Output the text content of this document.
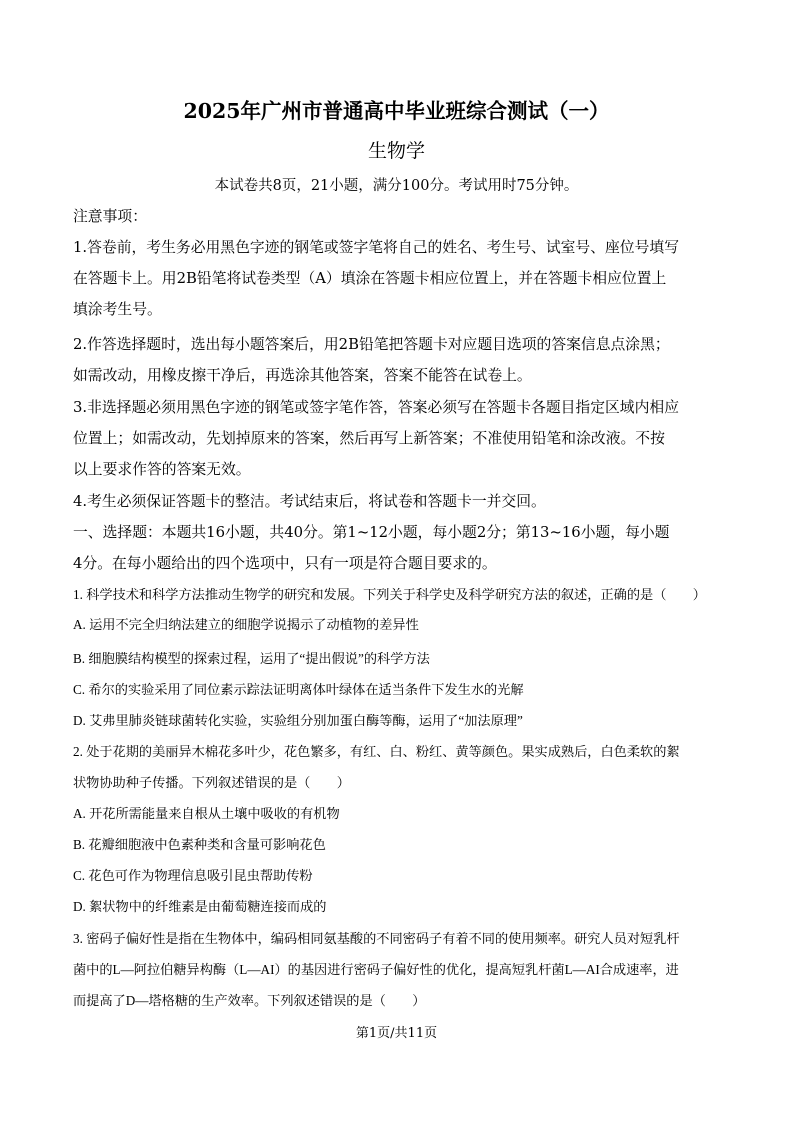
2025年广州市普通高中毕业班综合测试（一）
生物学
本试卷共8页，21小题，满分100分。考试用时75分钟。
注意事项：
1.答卷前，考生务必用黑色字迹的钢笔或签字笔将自己的姓名、考生号、试室号、座位号填写
在答题卡上。用2B铅笔将试卷类型（A）填涂在答题卡相应位置上，并在答题卡相应位置上
填涂考生号。
2.作答选择题时，选出每小题答案后，用2B铅笔把答题卡对应题目选项的答案信息点涂黑；
如需改动，用橡皮擦干净后，再选涂其他答案，答案不能答在试卷上。
3.非选择题必须用黑色字迹的钢笔或签字笔作答，答案必须写在答题卡各题目指定区域内相应
位置上；如需改动，先划掉原来的答案，然后再写上新答案；不准使用铅笔和涂改液。不按
以上要求作答的答案无效。
4.考生必须保证答题卡的整洁。考试结束后，将试卷和答题卡一并交回。
一、选择题：本题共16小题，共40分。第1~12小题，每小题2分；第13~16小题，每小题
4分。在每小题给出的四个选项中，只有一项是符合题目要求的。
1. 科学技术和科学方法推动生物学的研究和发展。下列关于科学史及科学研究方法的叙述，正确的是（　　）
A. 运用不完全归纳法建立的细胞学说揭示了动植物的差异性
B. 细胞膜结构模型的探索过程，运用了“提出假说”的科学方法
C. 希尔的实验采用了同位素示踪法证明离体叶绿体在适当条件下发生水的光解
D. 艾弗里肺炎链球菌转化实验，实验组分别加蛋白酶等酶，运用了“加法原理”
2. 处于花期的美丽异木棉花多叶少，花色繁多，有红、白、粉红、黄等颜色。果实成熟后，白色柔软的絮
状物协助种子传播。下列叙述错误的是（　　）
A. 开花所需能量来自根从土壤中吸收的有机物
B. 花瓣细胞液中色素种类和含量可影响花色
C. 花色可作为物理信息吸引昆虫帮助传粉
D. 絮状物中的纤维素是由葡萄糖连接而成的
3. 密码子偏好性是指在生物体中，编码相同氨基酸的不同密码子有着不同的使用频率。研究人员对短乳杆
菌中的L—阿拉伯糖异构酶（L—AI）的基因进行密码子偏好性的优化，提高短乳杆菌L—AI合成速率，进
而提高了D—塔格糖的生产效率。下列叙述错误的是（　　）
第1页/共11页
